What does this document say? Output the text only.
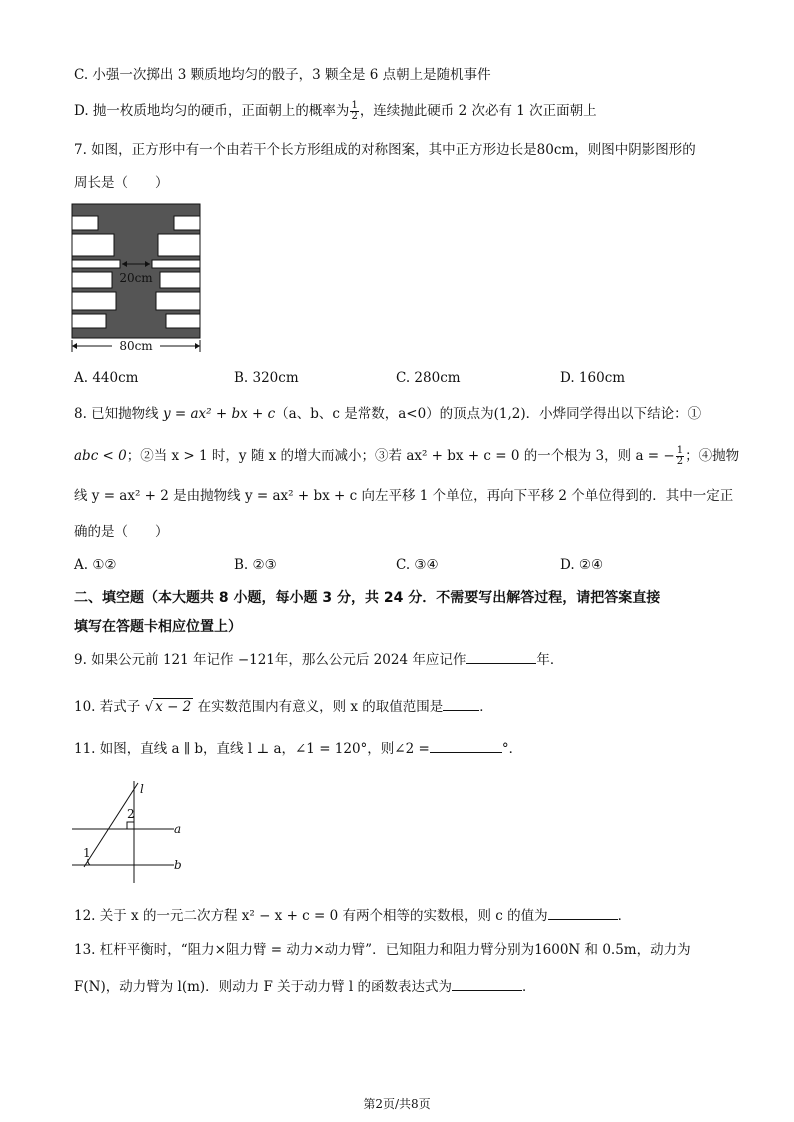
C. 小强一次掷出 3 颗质地均匀的骰子，3 颗全是 6 点朝上是随机事件
D. 抛一枚质地均匀的硬币，正面朝上的概率为 $\frac{1}{2}$ ，连续抛此硬币 2 次必有 1 次正面朝上
7. 如图，正方形中有一个由若干个长方形组成的对称图案，其中正方形边长是80cm，则图中阴影图形的
周长是（　　）
20cm
80cm
A. 440cm	B. 320cm	C. 280cm	D. 160cm
8. 已知抛物线 y = ax² + bx + c（a、b、c 是常数，a<0）的顶点为(1,2)．小烨同学得出以下结论：①
abc < 0；②当 x > 1 时，y 随 x 的增大而减小；③若 ax² + bx + c = 0 的一个根为 3，则 a = − $\frac{1}{2}$ ；④抛物
线 y = ax² + 2 是由抛物线 y = ax² + bx + c 向左平移 1 个单位，再向下平移 2 个单位得到的．其中一定正
确的是（　　）
A. ①②	B. ②③	C. ③④	D. ②④
二、填空题（本大题共 8 小题，每小题 3 分，共 24 分．不需要写出解答过程，请把答案直接
填写在答题卡相应位置上）
9. 如果公元前 121 年记作 −121年，那么公元后 2024 年应记作	年．
10. 若式子 √ x − 2 在实数范围内有意义，则 x 的取值范围是	．
11. 如图，直线 a ∥ b，直线 l ⊥ a，∠1 = 120°，则∠2 =	°．
l
a
b
1
2
12. 关于 x 的一元二次方程 x² − x + c = 0 有两个相等的实数根，则 c 的值为	．
13. 杠杆平衡时，“阻力×阻力臂 = 动力×动力臂”．已知阻力和阻力臂分别为1600N 和 0.5m，动力为
F(N)，动力臂为 l(m)．则动力 F 关于动力臂 l 的函数表达式为	．
第2页/共8页
